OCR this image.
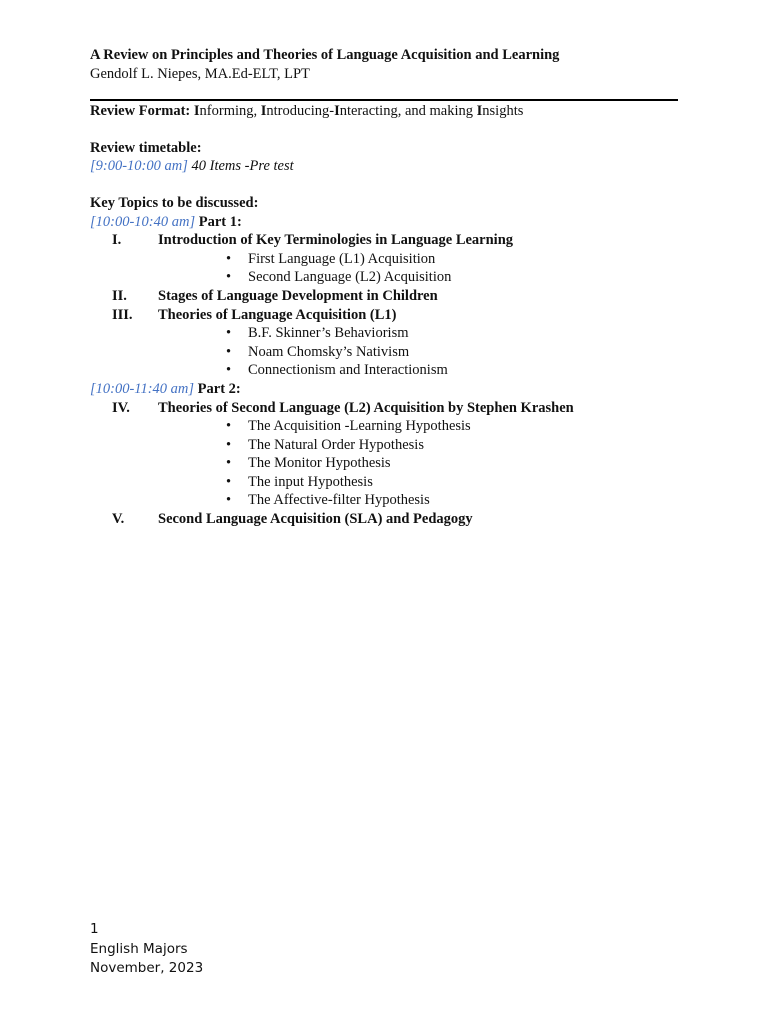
A Review on Principles and Theories of Language Acquisition and Learning
Gendolf L. Niepes, MA.Ed-ELT, LPT
Review Format: Informing, Introducing-Interacting, and making Insights
Review timetable:
[9:00-10:00 am] 40 Items -Pre test
Key Topics to be discussed:
[10:00-10:40 am] Part 1:
I.	Introduction of Key Terminologies in Language Learning
• First Language (L1) Acquisition
• Second Language (L2) Acquisition
II. Stages of Language Development in Children
III. Theories of Language Acquisition (L1)
• B.F. Skinner’s Behaviorism
• Noam Chomsky’s Nativism
• Connectionism and Interactionism
[10:00-11:40 am] Part 2:
IV. Theories of Second Language (L2) Acquisition by Stephen Krashen
• The Acquisition -Learning Hypothesis
• The Natural Order Hypothesis
• The Monitor Hypothesis
• The input Hypothesis
• The Affective-filter Hypothesis
V. Second Language Acquisition (SLA) and Pedagogy
1
English Majors
November, 2023
